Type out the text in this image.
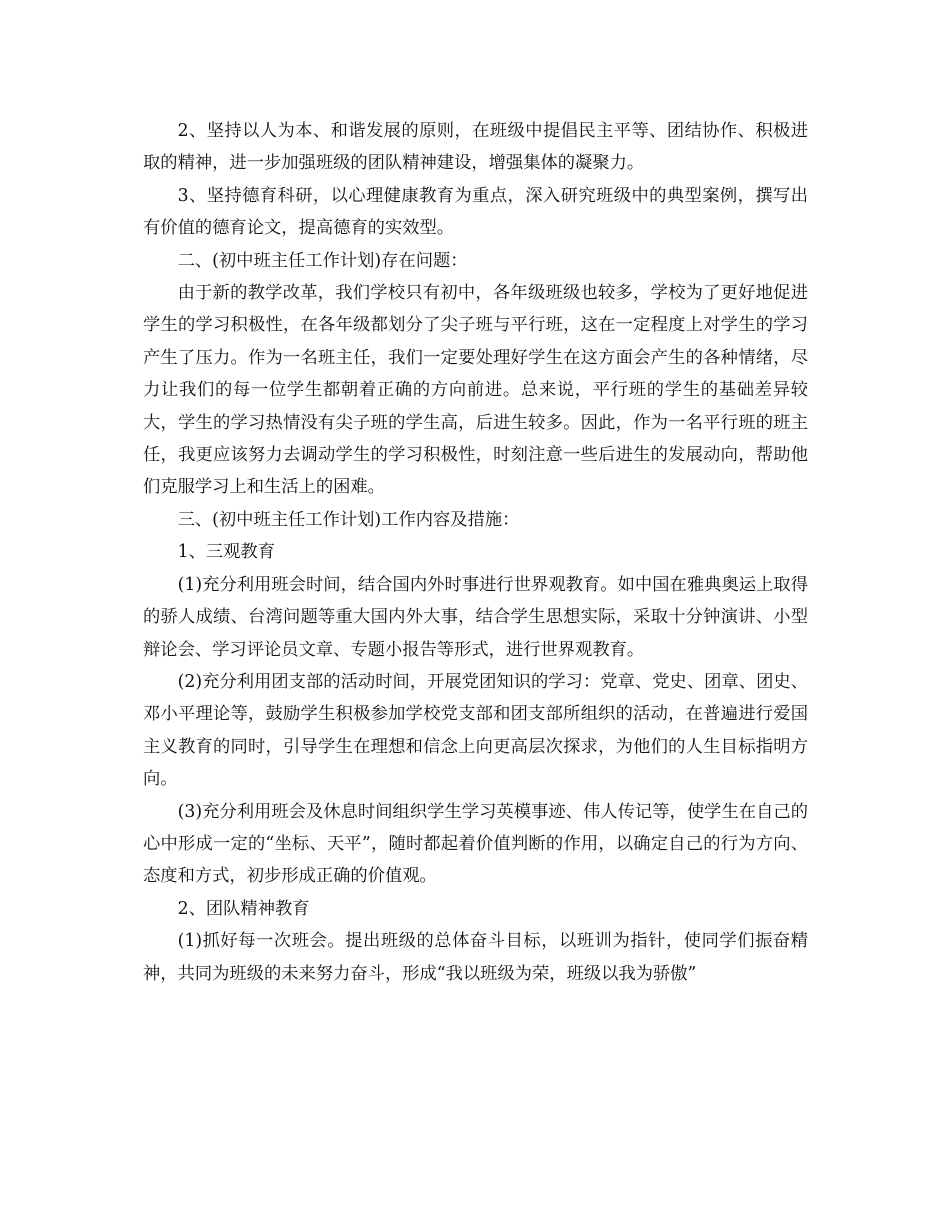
2、坚持以人为本、和谐发展的原则，在班级中提倡民主平等、团结协作、积极进取的精神，进一步加强班级的团队精神建设，增强集体的凝聚力。

3、坚持德育科研，以心理健康教育为重点，深入研究班级中的典型案例，撰写出有价值的德育论文，提高德育的实效型。

二、(初中班主任工作计划)存在问题：

由于新的教学改革，我们学校只有初中，各年级班级也较多，学校为了更好地促进学生的学习积极性，在各年级都划分了尖子班与平行班，这在一定程度上对学生的学习产生了压力。作为一名班主任，我们一定要处理好学生在这方面会产生的各种情绪，尽力让我们的每一位学生都朝着正确的方向前进。总来说，平行班的学生的基础差异较大，学生的学习热情没有尖子班的学生高，后进生较多。因此，作为一名平行班的班主任，我更应该努力去调动学生的学习积极性，时刻注意一些后进生的发展动向，帮助他们克服学习上和生活上的困难。

三、(初中班主任工作计划)工作内容及措施：

1、三观教育

(1)充分利用班会时间，结合国内外时事进行世界观教育。如中国在雅典奥运上取得的骄人成绩、台湾问题等重大国内外大事，结合学生思想实际，采取十分钟演讲、小型辩论会、学习评论员文章、专题小报告等形式，进行世界观教育。

(2)充分利用团支部的活动时间，开展党团知识的学习：党章、党史、团章、团史、邓小平理论等，鼓励学生积极参加学校党支部和团支部所组织的活动，在普遍进行爱国主义教育的同时，引导学生在理想和信念上向更高层次探求，为他们的人生目标指明方向。

(3)充分利用班会及休息时间组织学生学习英模事迹、伟人传记等，使学生在自己的心中形成一定的“坐标、天平”，随时都起着价值判断的作用，以确定自己的行为方向、态度和方式，初步形成正确的价值观。

2、团队精神教育

(1)抓好每一次班会。提出班级的总体奋斗目标，以班训为指针，使同学们振奋精神，共同为班级的未来努力奋斗，形成“我以班级为荣，班级以我为骄傲”
